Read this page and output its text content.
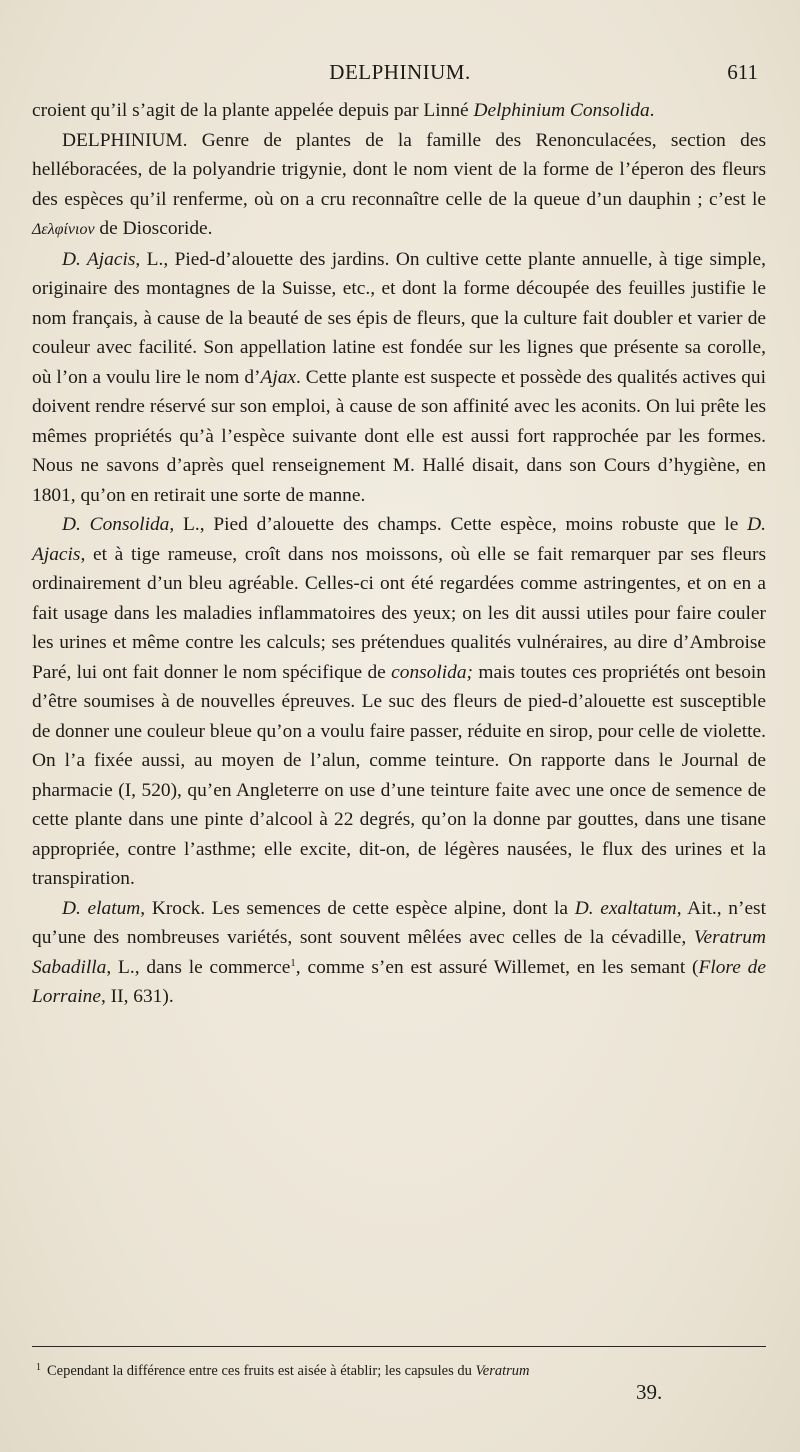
DELPHINIUM.	611

croient qu’il s’agit de la plante appelée depuis par Linné Delphinium Consolida.

DELPHINIUM. Genre de plantes de la famille des Renonculacées, section des helléboracées, de la polyandrie trigynie, dont le nom vient de la forme de l’éperon des fleurs des espèces qu’il renferme, où on a cru reconnaître celle de la queue d’un dauphin ; c’est le Δελφίνιον de Dioscoride.

D. Ajacis, L., Pied-d’alouette des jardins. On cultive cette plante annuelle, à tige simple, originaire des montagnes de la Suisse, etc., et dont la forme découpée des feuilles justifie le nom français, à cause de la beauté de ses épis de fleurs, que la culture fait doubler et varier de couleur avec facilité. Son appellation latine est fondée sur les lignes que présente sa corolle, où l’on a voulu lire le nom d’Ajax. Cette plante est suspecte et possède des qualités actives qui doivent rendre réservé sur son emploi, à cause de son affinité avec les aconits. On lui prête les mêmes propriétés qu’à l’espèce suivante dont elle est aussi fort rapprochée par les formes. Nous ne savons d’après quel renseignement M. Hallé disait, dans son Cours d’hygiène, en 1801, qu’on en retirait une sorte de manne.

D. Consolida, L., Pied d’alouette des champs. Cette espèce, moins robuste que le D. Ajacis, et à tige rameuse, croît dans nos moissons, où elle se fait remarquer par ses fleurs ordinairement d’un bleu agréable. Celles-ci ont été regardées comme astringentes, et on en a fait usage dans les maladies inflammatoires des yeux; on les dit aussi utiles pour faire couler les urines et même contre les calculs; ses prétendues qualités vulnéraires, au dire d’Ambroise Paré, lui ont fait donner le nom spécifique de consolida; mais toutes ces propriétés ont besoin d’être soumises à de nouvelles épreuves. Le suc des fleurs de pied-d’alouette est susceptible de donner une couleur bleue qu’on a voulu faire passer, réduite en sirop, pour celle de violette. On l’a fixée aussi, au moyen de l’alun, comme teinture. On rapporte dans le Journal de pharmacie (I, 520), qu’en Angleterre on use d’une teinture faite avec une once de semence de cette plante dans une pinte d’alcool à 22 degrés, qu’on la donne par gouttes, dans une tisane appropriée, contre l’asthme; elle excite, dit-on, de légères nausées, le flux des urines et la transpiration.

D. elatum, Krock. Les semences de cette espèce alpine, dont la D. exaltatum, Ait., n’est qu’une des nombreuses variétés, sont souvent mêlées avec celles de la cévadille, Veratrum Sabadilla, L., dans le commerce$^1$, comme s’en est assuré Willemet, en les semant (Flore de Lorraine, II, 631).

$^1$ Cependant la différence entre ces fruits est aisée à établir; les capsules du Veratrum
39.
